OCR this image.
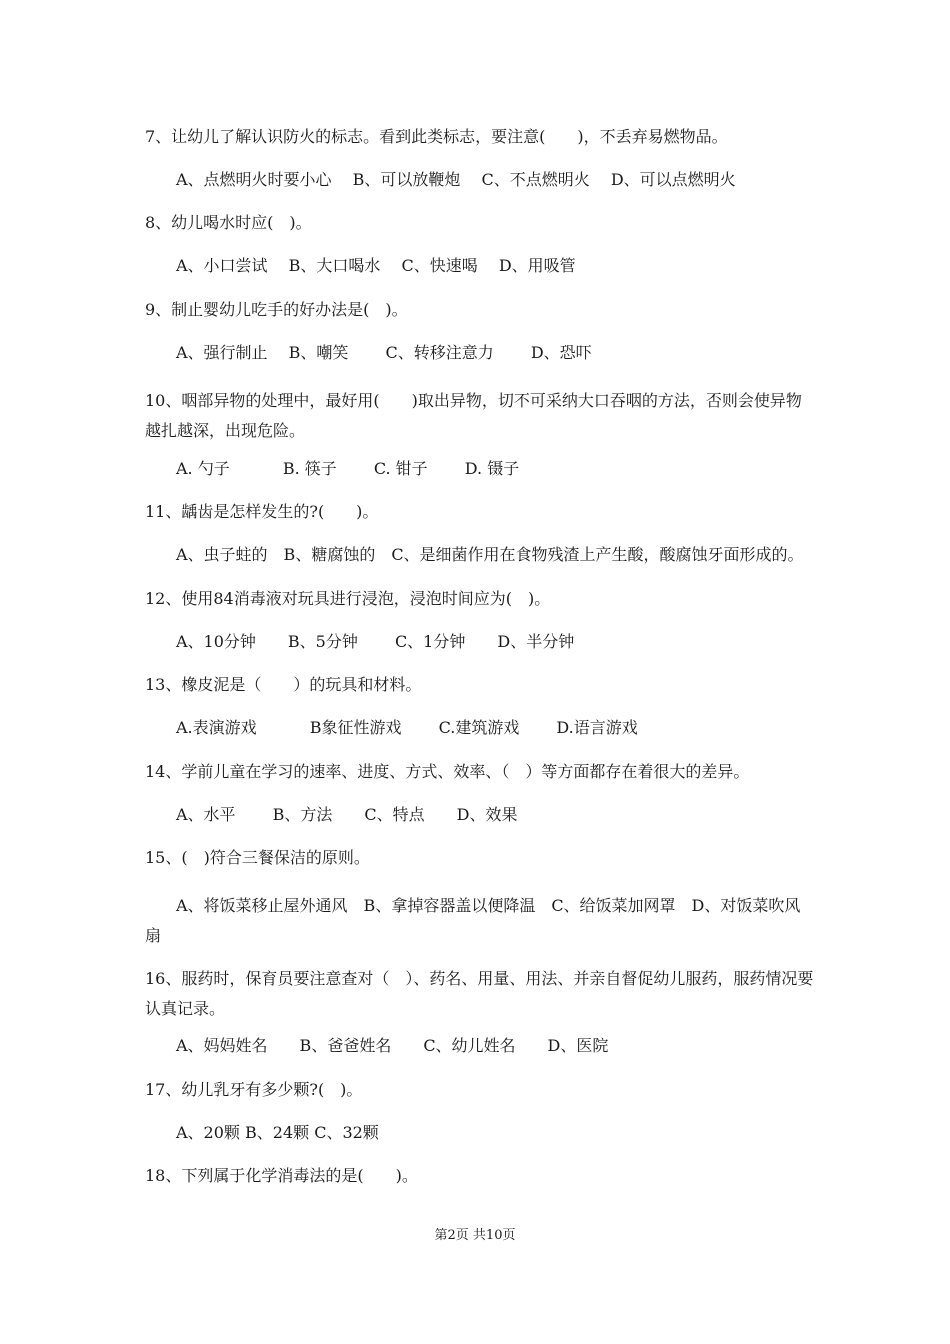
7、让幼儿了解认识防火的标志。看到此类标志，要注意(　　)，不丢弃易燃物品。
A、点燃明火时要小心　 B、可以放鞭炮　 C、不点燃明火　 D、可以点燃明火
8、幼儿喝水时应(　)。
A、小口尝试　 B、大口喝水　 C、快速喝　 D、用吸管
9、制止婴幼儿吃手的好办法是(　)。
A、强行制止　 B、嘲笑　　 C、转移注意力　　 D、恐吓
10、咽部异物的处理中，最好用(　　)取出异物，切不可采纳大口吞咽的方法，否则会使异物越扎越深，出现危险。
A. 勺子　　　 B. 筷子　　 C. 钳子　　 D. 镊子
11、龋齿是怎样发生的?(　　)。
A、虫子蛀的　B、糖腐蚀的　C、是细菌作用在食物残渣上产生酸，酸腐蚀牙面形成的。
12、使用84消毒液对玩具进行浸泡，浸泡时间应为(　)。
A、10分钟　　B、5分钟　　 C、1分钟　　D、半分钟
13、橡皮泥是（　　）的玩具和材料。
A.表演游戏　　　 B象征性游戏　　 C.建筑游戏　　 D.语言游戏
14、学前儿童在学习的速率、进度、方式、效率、（　）等方面都存在着很大的差异。
A、水平　　 B、方法　　C、特点　　D、效果
15、(　)符合三餐保洁的原则。
A、将饭菜移止屋外通风　B、拿掉容器盖以便降温　C、给饭菜加网罩　D、对饭菜吹风扇
16、服药时，保育员要注意查对（　）、药名、用量、用法、并亲自督促幼儿服药，服药情况要认真记录。
A、妈妈姓名　　B、爸爸姓名　　C、幼儿姓名　　D、医院
17、幼儿乳牙有多少颗?(　)。
A、20颗 B、24颗 C、32颗
18、下列属于化学消毒法的是(　　)。
第2页 共10页
